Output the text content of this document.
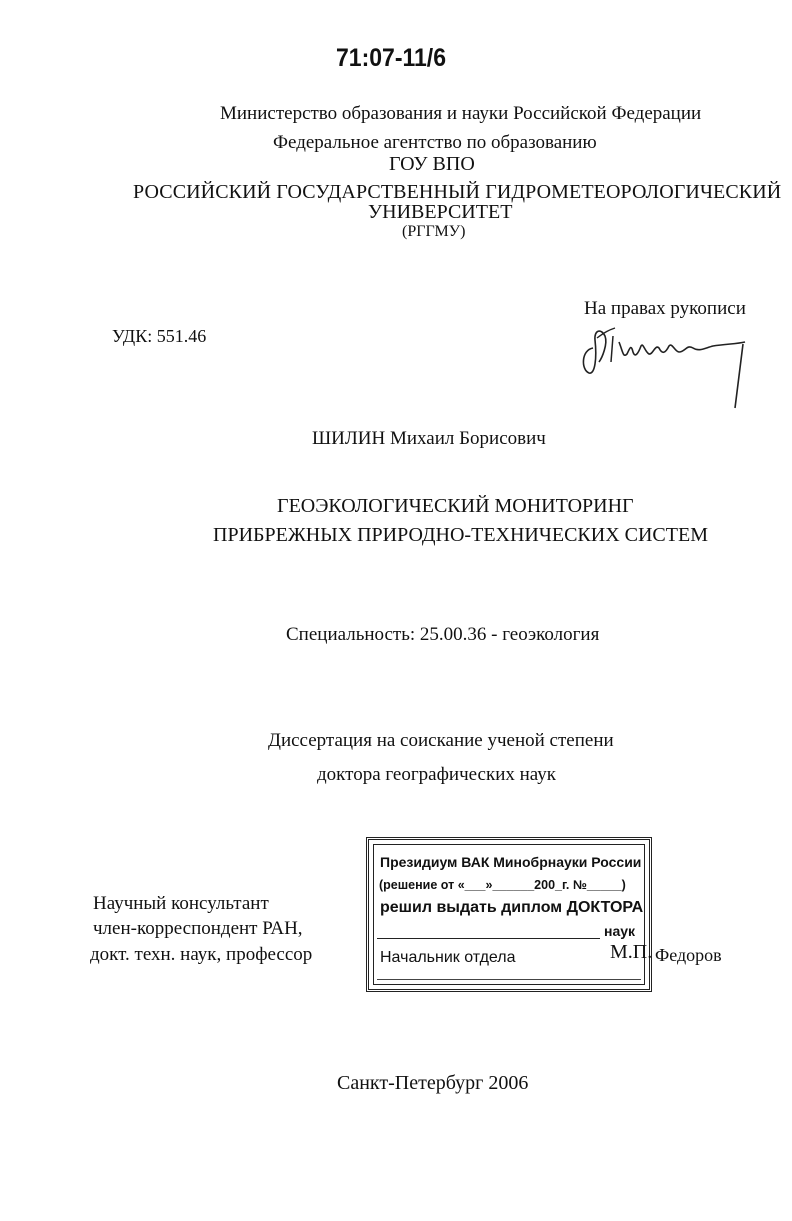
71:07-11/6
Министерство образования и науки Российской Федерации
Федеральное агентство по образованию
ГОУ ВПО
РОССИЙСКИЙ ГОСУДАРСТВЕННЫЙ ГИДРОМЕТЕОРОЛОГИЧЕСКИЙ
УНИВЕРСИТЕТ
(РГГМУ)
На правах рукописи
УДК: 551.46
ШИЛИН Михаил Борисович
ГЕОЭКОЛОГИЧЕСКИЙ МОНИТОРИНГ
ПРИБРЕЖНЫХ ПРИРОДНО-ТЕХНИЧЕСКИХ СИСТЕМ
Специальность: 25.00.36 - геоэкология
Диссертация на соискание ученой степени
доктора географических наук
Научный консультант
член-корреспондент РАН,
докт. техн. наук, профессор
Президиум ВАК Минобрнауки России
(решение от «___»______200_г. №_____)
решил выдать диплом ДОКТОРА
наук
Начальник отдела	М.П. Федоров
Санкт-Петербург 2006
